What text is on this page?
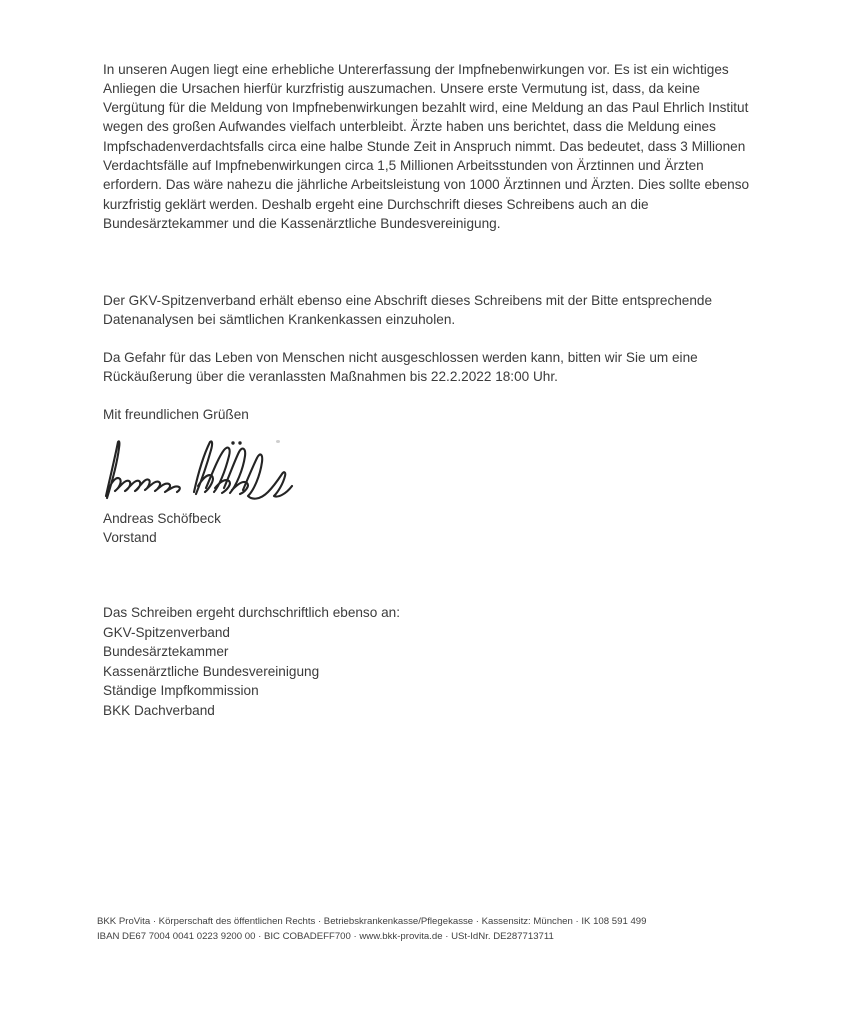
In unseren Augen liegt eine erhebliche Untererfassung der Impfnebenwirkungen vor. Es ist ein wichtiges Anliegen die Ursachen hierfür kurzfristig auszumachen. Unsere erste Vermutung ist, dass, da keine Vergütung für die Meldung von Impfnebenwirkungen bezahlt wird, eine Meldung an das Paul Ehrlich Institut wegen des großen Aufwandes vielfach unterbleibt. Ärzte haben uns berichtet, dass die Meldung eines Impfschadenverdachtsfalls circa eine halbe Stunde Zeit in Anspruch nimmt. Das bedeutet, dass 3 Millionen Verdachtsfälle auf Impfnebenwirkungen circa 1,5 Millionen Arbeitsstunden von Ärztinnen und Ärzten erfordern. Das wäre nahezu die jährliche Arbeitsleistung von 1000 Ärztinnen und Ärzten. Dies sollte ebenso kurzfristig geklärt werden. Deshalb ergeht eine Durchschrift dieses Schreibens auch an die Bundesärztekammer und die Kassenärztliche Bundesvereinigung.

Der GKV-Spitzenverband erhält ebenso eine Abschrift dieses Schreibens mit der Bitte entsprechende Datenanalysen bei sämtlichen Krankenkassen einzuholen.

Da Gefahr für das Leben von Menschen nicht ausgeschlossen werden kann, bitten wir Sie um eine Rückäußerung über die veranlassten Maßnahmen bis 22.2.2022 18:00 Uhr.

Mit freundlichen Grüßen

Andreas Schöfbeck
Vorstand
Das Schreiben ergeht durchschriftlich ebenso an:
GKV-Spitzenverband
Bundesärztekammer
Kassenärztliche Bundesvereinigung
Ständige Impfkommission
BKK Dachverband
BKK ProVita · Körperschaft des öffentlichen Rechts · Betriebskrankenkasse/Pflegekasse · Kassensitz: München · IK 108 591 499
IBAN DE67 7004 0041 0223 9200 00 · BIC COBADEFF700 · www.bkk-provita.de · USt-IdNr. DE287713711
